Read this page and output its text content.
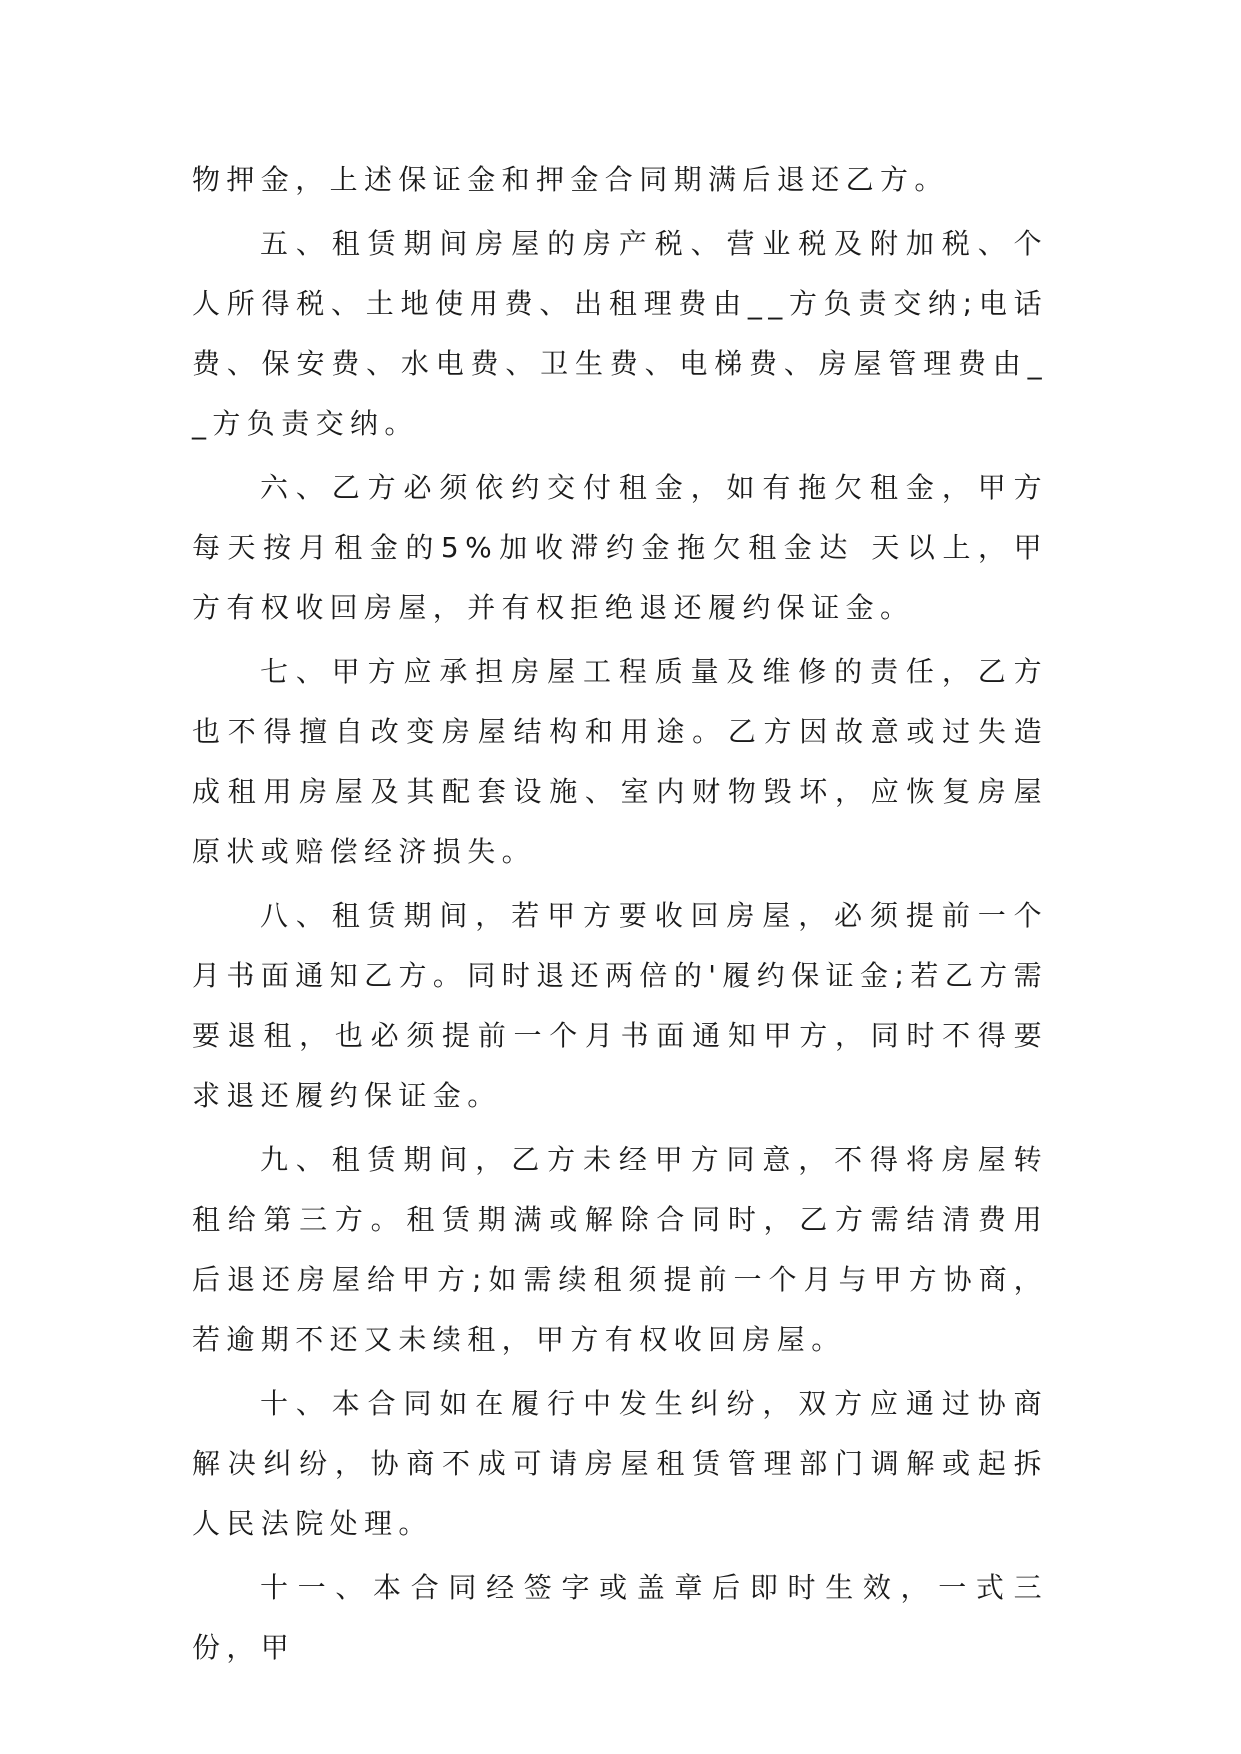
物押金，上述保证金和押金合同期满后退还乙方。

五、租赁期间房屋的房产税、营业税及附加税、个人所得税、土地使用费、出租理费由__方负责交纳;电话费、保安费、水电费、卫生费、电梯费、房屋管理费由__方负责交纳。

六、乙方必须依约交付租金，如有拖欠租金，甲方每天按月租金的5%加收滞约金拖欠租金达 天以上，甲方有权收回房屋，并有权拒绝退还履约保证金。

七、甲方应承担房屋工程质量及维修的责任，乙方也不得擅自改变房屋结构和用途。乙方因故意或过失造成租用房屋及其配套设施、室内财物毁坏，应恢复房屋原状或赔偿经济损失。

八、租赁期间，若甲方要收回房屋，必须提前一个月书面通知乙方。同时退还两倍的'履约保证金;若乙方需要退租，也必须提前一个月书面通知甲方，同时不得要求退还履约保证金。

九、租赁期间，乙方未经甲方同意，不得将房屋转租给第三方。租赁期满或解除合同时，乙方需结清费用后退还房屋给甲方;如需续租须提前一个月与甲方协商，若逾期不还又未续租，甲方有权收回房屋。

十、本合同如在履行中发生纠纷，双方应通过协商解决纠纷，协商不成可请房屋租赁管理部门调解或起拆人民法院处理。

十一、本合同经签字或盖章后即时生效，一式三份，甲
